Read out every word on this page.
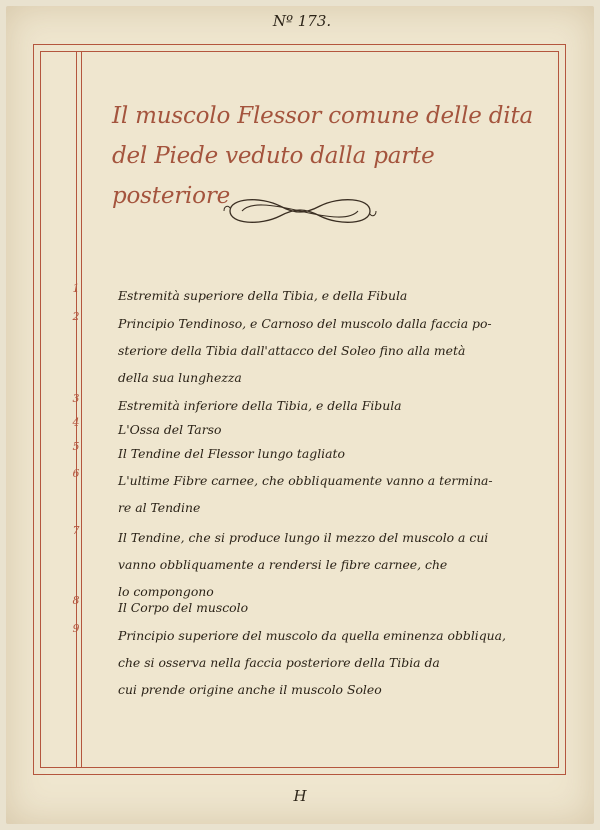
Nº 173.
Il muscolo Flessor comune delle dita del Piede veduto dalla parte posteriore
1	Estremità superiore della Tibia, e della Fibula
2	Principio Tendinoso, e Carnoso del muscolo dalla faccia po-
steriore della Tibia dall'attacco del Soleo fino alla metà
della sua lunghezza
3	Estremità inferiore della Tibia, e della Fibula
4	L'Ossa del Tarso
5	Il Tendine del Flessor lungo tagliato
6	L'ultime Fibre carnee, che obbliquamente vanno a termina-
re al Tendine
7	Il Tendine, che si produce lungo il mezzo del muscolo a cui
vanno obbliquamente a rendersi le fibre carnee, che
lo compongono
8	Il Corpo del muscolo
9	Principio superiore del muscolo da quella eminenza obbliqua,
che si osserva nella faccia posteriore della Tibia da
cui prende origine anche il muscolo Soleo
H
